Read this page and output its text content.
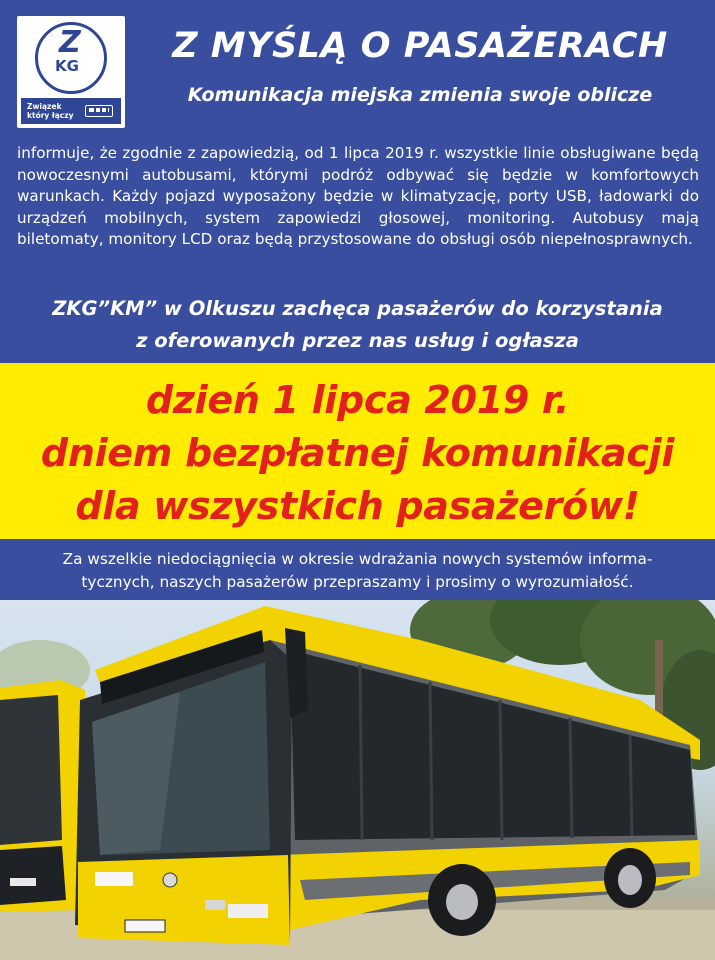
Z
KG
Związek
który łączy
Z MYŚLĄ O PASAŻERACH
Komunikacja miejska zmienia swoje oblicze

informuje, że zgodnie z zapowiedzią, od 1 lipca 2019 r. wszystkie linie obsługiwane będą nowoczesnymi autobusami, którymi podróż odbywać się będzie w komfortowych warunkach. Każdy pojazd wyposażony będzie w klimatyzację, porty USB, ładowarki do urządzeń mobilnych, system zapowiedzi głosowej, monitoring. Autobusy mają biletomaty, monitory LCD oraz będą przystosowane do obsługi osób niepełnosprawnych.

ZKG”KM” w Olkuszu zachęca pasażerów do korzystania
z oferowanych przez nas usług i ogłasza
dzień 1 lipca 2019 r.
dniem bezpłatnej komunikacji
dla wszystkich pasażerów!
Za wszelkie niedociągnięcia w okresie wdrażania nowych systemów informa-
tycznych, naszych pasażerów przepraszamy i prosimy o wyrozumiałość.
